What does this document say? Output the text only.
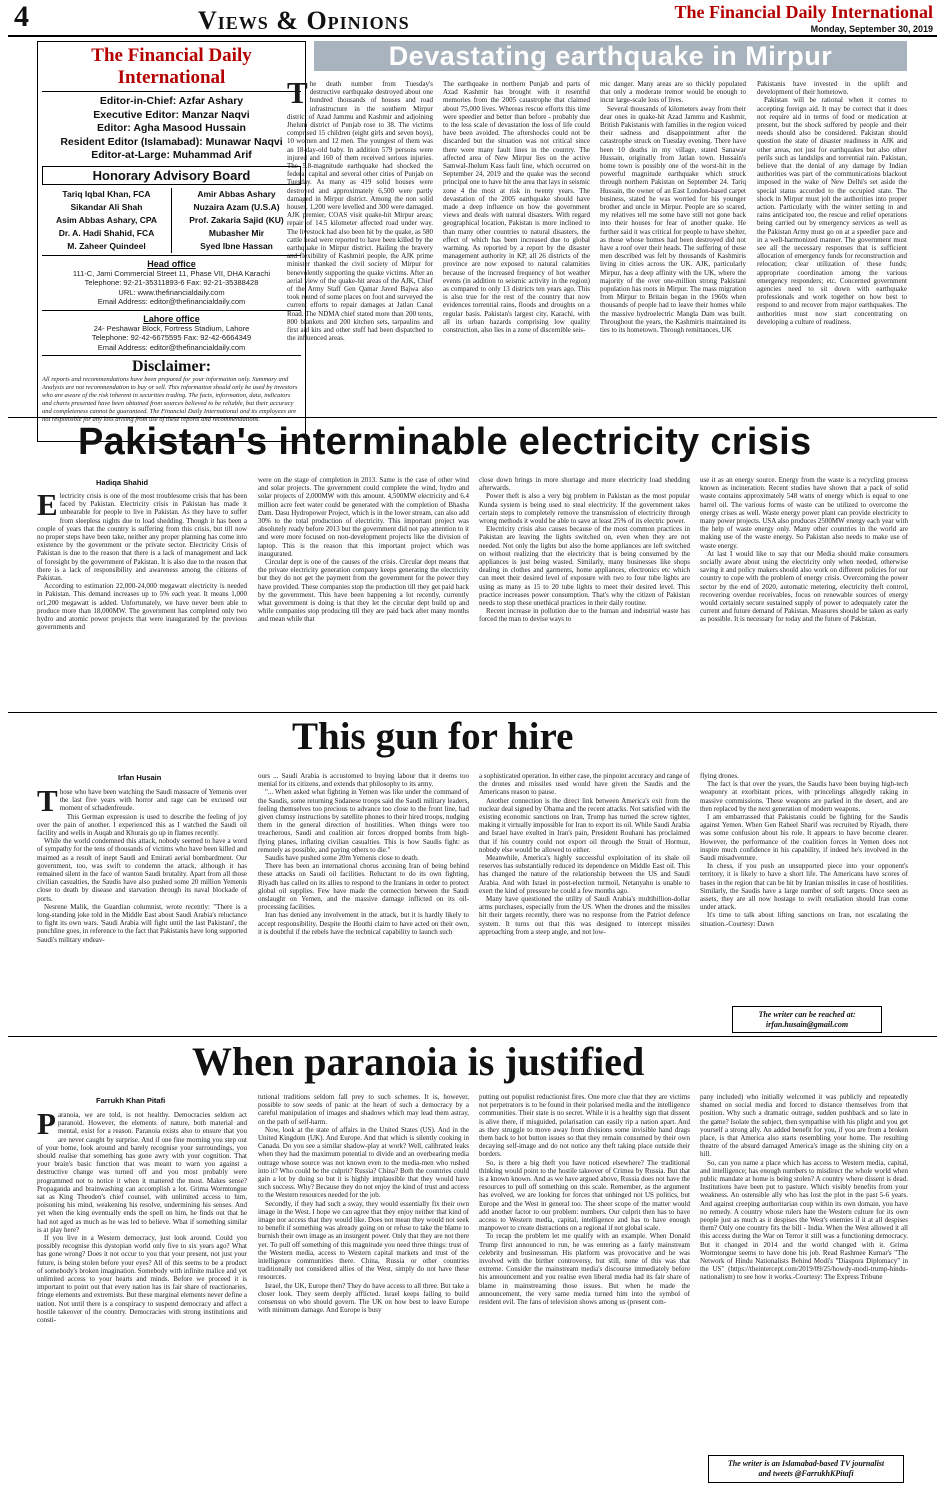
4	Views & Opinions	The Financial Daily International
Monday, September 30, 2019
The Financial Daily International
Editor-in-Chief: Azfar Ashary
Executive Editor: Manzar Naqvi
Editor: Agha Masood Hussain
Resident Editor (Islamabad): Munawar Naqvi
Editor-at-Large: Muhammad Arif
Honorary Advisory Board
Tariq Iqbal Khan, FCA
Sikandar Ali Shah
Asim Abbas Ashary, CPA
Dr. A. Hadi Shahid, FCA
M. Zaheer Quindeel
Amir Abbas Ashary
Nuzaira Azam (U.S.A)
Prof. Zakaria Sajid (KU)
Mubasher Mir
Syed Ibne Hassan
Head office
111-C, Jami Commercial Street 11, Phase VII, DHA Karachi
Telephone: 92-21-35311893-6 Fax: 92-21-35388428
URL: www.thefinancialdaily.com
Email Address: editor@thefinancialdaily.com
Lahore office
24- Peshawar Block, Fortress Stadium, Lahore
Telephone: 92-42-6675595 Fax: 92-42-6664349
Email Address: editor@thefinancialdaily.com
Disclaimer:
All reports and recommendations have been prepared for your information only. Summary and Analysis are not recommendation to buy or sell. This information should only be used by investors who are aware of the risk inherent in securities trading. The facts, information, data, indicators and charts presented have been obtained from sources believed to be reliable, but their accuracy and completeness cannot be guaranteed. The Financial Daily International and its employees are not responsible for any loss arising from use of these reports and recommendations.
Devastating earthquake in Mirpur

The death number from Tuesday's destructive earthquake destroyed about one hundred thousands of houses and road infrastructure in the southern Mirpur district of Azad Jammu and Kashmir and adjoining Jhelum district of Punjab rose to 38. The victims comprised 15 children (eight girls and seven boys), 10 women and 12 men. The youngest of them was an 18-day-old baby. In addition 579 persons were injured and 160 of them received serious injuries. The 5.8-magnitude earthquake had shocked the federal capital and several other cities of Punjab on Tuesday. As many as 419 solid houses were destroyed and approximately 6,500 were partly damaged in Mirpur district. Among the non solid houses, 1,200 were levelled and 300 were damaged. AJK premier, COAS visit quake-hit Mirpur areas; repair of 14.5 kilometer affected road under way. The livestock had also been hit by the quake, as 580 cattle head were reported to have been killed by the earthquake in Mirpur district. Hailing the bravery and flexibility of Kashmiri people, the AJK prime minister thanked the civil society of Mirpur for benevolently supporting the quake victims. After an aerial view of the quake-hit areas of the AJK, Chief of the Army Staff Gen Qamar Javed Bajwa also took round of some places on foot and surveyed the current efforts to repair damages at Jatlan Canal Road. The NDMA chief stated more than 200 tents, 800 blankets and 200 kitchen sets, tarpaulins and first aid kits and other stuff had been dispatched to the influenced areas.

The earthquake in northern Punjab and parts of Azad Kashmir has brought with it resentful memories from the 2005 catastrophe that claimed about 75,000 lives. Whereas rescue efforts this time were speedier and better than before - probably due to the less scale of devastation the loss of life could have been avoided. The aftershocks could not be discarded but the situation was not critical since there were many fault lines in the country. The affected area of New Mirpur lies on the active Samwal-Jhelum Kass fault line, which occurred on September 24, 2019 and the quake was the second principal one to have hit the area that lays in seismic zone 4 the most at risk in twenty years. The devastation of the 2005 earthquake should have made a deep influence on how the government views and deals with natural disasters. With regard geographical location, Pakistan is more inclined to than many other countries to natural disasters, the effect of which has been increased due to global warming. As reported by a report by the disaster management authority in KP, all 26 districts of the province are now exposed to natural calamities because of the increased frequency of hot weather events (in addition to seismic activity in the region) as compared to only 13 districts ten years ago. This is also true for the rest of the country that now evidences torrential rains, floods and droughts on a regular basis. Pakistan's largest city, Karachi, with all its urban hazards comprising low quality construction, also lies in a zone of discernible seis-

mic danger. Many areas are so thickly populated that only a moderate tremor would be enough to incur large-scale loss of lives.

Several thousands of kilometers away from their dear ones in quake-hit Azad Jammu and Kashmir, British Pakistanis with families in the region voiced their sadness and disappointment after the catastrophe struck on Tuesday evening. There have been 10 deaths in my village, stated Sanawar Hussain, originally from Jatlan town. Hussain's home town is possibly one of the worst-hit in the powerful magnitude earthquake which struck through northern Pakistan on September 24. Tariq Hussain, the owner of an East London-based carpet business, stated he was worried for his younger brother and uncle in Mirpur. People are so scared, my relatives tell me some have still not gone back into their houses for fear of another quake. He further said it was critical for people to have shelter, as those whose homes had been destroyed did not have a roof over their heads. The suffering of these men described was felt by thousands of Kashmiris living in cities across the UK. AJK, particularly Mirpur, has a deep affinity with the UK, where the majority of the over one-million strong Pakistani population has roots in Mirpur. The mass migration from Mirpur to Britain began in the 1960s when thousands of people had to leave their homes while the massive hydroelectric Mangla Dam was built. Throughout the years, the Kashmiris maintained its ties to its hometown. Through remittances, UK

Pakistanis have invested in the uplift and development of their hometown.

Pakistan will be rational when it comes to accepting foreign aid. It may be correct that it does not require aid in terms of food or medication at present, but the shock suffered by people and their needs should also be considered. Pakistan should question the state of disaster readiness in AJK and other areas, not just for earthquakes but also other perils such as landslips and torrential rain. Pakistan, believe that the denial of any damage by Indian authorities was part of the communications blackout imposed in the wake of New Delhi's set aside the special status accorded to the occupied state. The shock in Mirpur must jolt the authorities into proper action. Particularly with the winter setting in and rains anticipated too, the rescue and relief operations being carried out by emergency services as well as the Pakistan Army must go on at a speedier pace and in a well-harmonized manner. The government must see all the necessary responses that is sufficient allocation of emergency funds for reconstruction and relocation; clear utilization of these funds; appropriate coordination among the various emergency responders; etc. Concerned government agencies need to sit down with earthquake professionals and work together on how best to respond to and recover from major earthquakes. The authorities must now start concentrating on developing a culture of readiness.

Pakistan's interminable electricity crisis
Hadiqa Shahid

Electricity crisis is one of the most troublesome crisis that has been faced by Pakistan. Electricity crisis in Pakistan has made it unbearable for people to live in Pakistan. As they have to suffer from sleepless nights due to load shedding. Though it has been a couple of years that the country is suffering from this crisis, but till now no proper steps have been take, neither any proper planning has come into existence by the government or the private sector. Electricity Crisis of Pakistan is due to the reason that there is a lack of management and lack of foresight by the government of Pakistan. It is also due to the reason that there is a lack of responsibility and awareness among the citizens of Pakistan.

According to estimation 22,000-24,000 megawatt electricity is needed in Pakistan. This demand increases up to 5% each year. It means 1,000 or1,200 megawatt is added. Unfortunately, we have never been able to produce more than 18,000MW. The government has completed only two hydro and atomic power projects that were inaugurated by the previous governments and

were on the stage of completion in 2013. Same is the case of other wind and solar projects. The government could complete the wind, hydro and solar projects of 2,000MW with this amount. 4,500MW electricity and 6.4 million acre feet water could be generated with the completion of Bhasha Dam. Dasu Hydropower Project, which is in the lower stream, can also add 30% to the total production of electricity. This important project was absolutely ready before 2013 but the government did not pay attention to it and were more focused on non-development projects like the division of laptop. This is the reason that this important project which was inaugurated.

Circular dept is one of the causes of the crisis. Circular dept means that the private electricity generation company keeps generating the electricity but they do not get the payment from the government for the power they have provided. These companies stop the production till they get paid back by the government. This have been happening a lot recently, currently what government is doing is that they let the circular dept build up and while companies stop producing till they are paid back after many months and mean while that

close down brings in more shortage and more electricity load shedding afterwards.

Power theft is also a very big problem in Pakistan as the most popular Kunda system is being used to steal electricity. If the government takes certain steps to completely remove the transmission of electricity through wrong methods it would be able to save at least 25% of its electric power.

Electricity crisis also causes because of the most common practices in Pakistan are leaving the lights switched on, even when they are not needed. Not only the lights but also the home appliances are left switched on without realizing that the electricity that is being consumed by the appliances is just being wasted. Similarly, many businesses like shops dealing in clothes and garments, home appliances, electronics etc which can meet their desired level of exposure with two to four tube lights are using as many as 15 to 20 tube lights to meet their desired level. This practice increases power consumption. That's why the citizen of Pakistan needs to stop these unethical practices in their daily routine.

Recent increase in pollution due to the human and industrial waste has forced the man to devise ways to

use it as an energy source. Energy from the waste is a recycling process known as incineration. Recent studies have shown that a pack of solid waste contains approximately 548 watts of energy which is equal to one barrel oil. The various forms of waste can be utilized to overcome the energy crises as well. Waste energy power plant can provide electricity to many power projects. USA also produces 2500MW energy each year with the help of waste energy only. Many other countries in the world are making use of the waste energy. So Pakistan also needs to make use of waste energy.

At last I would like to say that our Media should make consumers socially aware about using the electricity only when needed, otherwise saving it and policy makers should also work on different policies for our country to cope with the problem of energy crisis. Overcoming the power sector by the end of 2020, automatic metering, electricity theft control, recovering overdue receivables, focus on renewable sources of energy would certainly secure sustained supply of power to adequately cater the current and future demand of Pakistan. Measures should be taken as early as possible. It is necessary for today and the future of Pakistan.

This gun for hire
Irfan Husain

Those who have been watching the Saudi massacre of Yemenis over the last five years with horror and rage can be excused our moment of schadenfreude.

This German expression is used to describe the feeling of joy over the pain of another. I experienced this as I watched the Saudi oil facility and wells in Auqab and Khurais go up in flames recently.

While the world condemned this attack, nobody seemed to have a word of sympathy for the tens of thousands of victims who have been killed and maimed as a result of inept Saudi and Emirati aerial bombardment. Our government, too, was swift to condemn the attack, although it has remained silent in the face of wanton Saudi brutality. Apart from all those civilian casualties, the Saudis have also pushed some 20 million Yemenis close to death by disease and starvation through its naval blockade of ports.

Nesrene Malik, the Guardian columnist, wrote recently: "There is a long-standing joke told in the Middle East about Saudi Arabia's reluctance to fight its own wars. 'Saudi Arabia will fight until the last Pakistani', the punchline goes, in reference to the fact that Pakistanis have long supported Saudi's military endeav-

ours ... Saudi Arabia is accustomed to buying labour that it deems too menial for its citizens, and extends that philosophy to its army.

"... When asked what fighting in Yemen was like under the command of the Saudis, some returning Sudanese troops said the Saudi military leaders, feeling themselves too precious to advance too close to the front line, had given clumsy instructions by satellite phones to their hired troops, nudging them in the general direction of hostilities. When things were too treacherous, Saudi and coalition air forces dropped bombs from high-flying planes, inflating civilian casualties. This is how Saudis fight: as remotely as possible, and paying others to die."

Saudis have pushed some 20m Yemenis close to death.

There has been an international chorus accusing Iran of being behind these attacks on Saudi oil facilities. Reluctant to do its own fighting, Riyadh has called on its allies to respond to the Iranians in order to protect global oil supplies. Few have made the connection between the Saudi onslaught on Yemen, and the massive damage inflicted on its oil-processing facilities.

Iran has denied any involvement in the attack, but it is hardly likely to accept responsibility. Despite the Houthi claim to have acted on their own, it is doubtful if the rebels have the technical capability to launch such

a sophisticated operation. In either case, the pinpoint accuracy and range of the drones and missiles used would have given the Saudis and the Americans reason to pause.

Another connection is the direct link between America's exit from the nuclear deal signed by Obama and the recent attacks. Not satisfied with the existing economic sanctions on Iran, Trump has turned the screw tighter, making it virtually impossible for Iran to export its oil. While Saudi Arabia and Israel have exulted in Iran's pain, President Rouhani has proclaimed that if his country could not export oil through the Strait of Hormuz, nobody else would be allowed to either.

Meanwhile, America's highly successful exploitation of its shale oil reserves has substantially reduced its dependence on Middle East oil. This has changed the nature of the relationship between the US and Saudi Arabia. And with Israel in post-election turmoil, Netanyahu is unable to exert the kind of pressure he could a few months ago.

Many have questioned the utility of Saudi Arabia's multibillion-dollar arms purchases, especially from the US. When the drones and the missiles hit their targets recently, there was no response from the Patriot defence system. It turns out that this was designed to intercept missiles approaching from a steep angle, and not low-

flying drones.

The fact is that over the years, the Saudis have been buying high-tech weaponry at exorbitant prices, with princelings allegedly raking in massive commissions. These weapons are parked in the desert, and are then replaced by the next generation of modern weapons.

I am embarrassed that Pakistanis could be fighting for the Saudis against Yemen. When Gen Raheel Sharif was recruited by Riyadh, there was some confusion about his role. It appears to have become clearer. However, the performance of the coalition forces in Yemen does not inspire much confidence in his capability, if indeed he's involved in the Saudi misadventure.

In chess, if you push an unsupported piece into your opponent's territory, it is likely to have a short life. The Americans have scores of bases in the region that can be hit by Iranian missiles in case of hostilities. Similarly, the Saudis have a large number of soft targets. Once seen as assets, they are all now hostage to swift retaliation should Iran come under attack.

It's time to talk about lifting sanctions on Iran, not escalating the situation.-Courtesy: Dawn

The writer can be reached at:
irfan.husain@gmail.com
When paranoia is justified
Farrukh Khan Pitafi

Paranoia, we are told, is not healthy. Democracies seldom act paranoid. However, the elements of nature, both material and mental, exist for a reason. Paranoia exists also to ensure that you are never caught by surprise. And if one fine morning you step out of your home, look around and barely recognise your surroundings, you should realise that something has gone awry with your cognition. That your brain's basic function that was meant to warn you against a destructive change was turned off and you most probably were programmed not to notice it when it mattered the most. Makes sense? Propaganda and brainwashing can accomplish a lot. Grima Wormtongue sat as King Theoden's chief counsel, with unlimited access to him, poisoning his mind, weakening his resolve, undermining his senses. And yet when the king eventually ends the spell on him, he finds out that he had not aged as much as he was led to believe. What if something similar is at play here?

If you live in a Western democracy, just look around. Could you possibly recognise this dystopian world only five to six years ago? What has gone wrong? Does it not occur to you that your present, not just your future, is being stolen before your eyes? All of this seems to be a product of somebody's broken imagination. Somebody with infinite malice and yet unlimited access to your hearts and minds. Before we proceed it is important to point out that every nation has its fair share of reactionaries, fringe elements and extremists. But these marginal elements never define a nation. Not until there is a conspiracy to suspend democracy and affect a hostile takeover of the country. Democracies with strong institutions and consti-

tutional traditions seldom fall prey to such schemes. It is, however, possible to sow seeds of panic at the heart of such a democracy by a careful manipulation of images and shadows which may lead them astray, on the path of self-harm.

Now, look at the state of affairs in the United States (US). And in the United Kingdom (UK). And Europe. And that which is silently cooking in Canada. Do you see a similar shadow-play at work? Well, calibrated leaks when they had the maximum potential to divide and an overbearing media outrage whose source was not known even to the media-men who rushed into it? Who could be the culprit? Russia? China? Both the countries could gain a lot by doing so but it is highly implausible that they would have such success. Why? Because they do not enjoy the kind of trust and access to the Western resources needed for the job.

Secondly, if they had such a sway, they would essentially fix their own image in the West. I hope we can agree that they enjoy neither that kind of image nor access that they would like. Does not mean they would not seek to benefit if something was already going on or refuse to take the blame to burnish their own image as an insurgent power. Only that they are not there yet. To pull off something of this magnitude you need three things: trust of the Western media, access to Western capital markets and trust of the intelligence communities there. China, Russia or other countries traditionally not considered allies of the West, simply do not have these resources.

Israel, the UK, Europe then? They do have access to all three. But take a closer look. They seem deeply afflicted. Israel keeps failing to build consensus on who should govern. The UK on how best to leave Europe with minimum damage. And Europe is busy

putting out populist reductionist fires. One more clue that they are victims not perpetrators is to be found in their polarised media and the intelligence communities. Their state is no secret. While it is a healthy sign that dissent is alive there, if misguided, polarisation can easily rip a nation apart. And as they struggle to move away from divisions some invisible hand drags them back to hot button issues so that they remain consumed by their own decaying self-image and do not notice any theft taking place outside their borders.

So, is there a big theft you have noticed elsewhere? The traditional thinking would point to the hostile takeover of Crimea by Russia. But that is a known known. And as we have argued above, Russia does not have the resources to pull off something on this scale. Remember, as the argument has evolved, we are looking for forces that unhinged not US politics, but Europe and the West in general too. The sheer scope of the matter would add another factor to our problem: numbers. Our culprit then has to have access to Western media, capital, intelligence and has to have enough manpower to create distractions on a regional if not global scale.

To recap the problem let me qualify with an example. When Donald Trump first announced to run, he was entering as a fairly mainstream celebrity and businessman. His platform was provocative and he was involved with the birther controversy, but still, none of this was that extreme. Consider the mainstream media's discourse immediately before his announcement and you realise even liberal media had its fair share of blame in mainstreaming those issues. But when he made the announcement, the very same media turned him into the symbol of resident evil. The fans of television shows among us (present com-

pany included) who initially welcomed it was publicly and repeatedly shamed on social media and forced to distance themselves from that position. Why such a dramatic outrage, sudden pushback and so late in the game? Isolate the subject, then sympathise with his plight and you get yourself a strong ally. An added benefit for you, if you are from a broken place, is that America also starts resembling your home. The resulting theatre of the absurd damaged America's image as the shining city on a hill.

So, can you name a place which has access to Western media, capital, and intelligence; has enough numbers to misdirect the whole world when public mandate at home is being stolen? A country where dissent is dead. Institutions have been put to pasture. Which visibly benefits from your weakness. An ostensible ally who has lost the plot in the past 5-6 years. And against creeping authoritarian coup within its own domain, you have no remedy. A country whose rulers hate the Western culture for its own people just as much as it despises the West's enemies if it at all despises them? Only one country fits the bill - India. When the West allowed it all this access during the War on Terror it still was a functioning democracy. But it changed in 2014 and the world changed with it. Grima Wormtongue seems to have done his job. Read Rashmee Kumar's "The Network of Hindu Nationalists Behind Modi's "Diaspora Diplomacy" in the US" (https://theintercept.com/2019/09/25/howdy-modi-trump-hindu-nationalism) to see how it works.-Courtesy: The Express Tribune

The writer is an Islamabad-based TV journalist
and tweets @FarrukhKPitafi
